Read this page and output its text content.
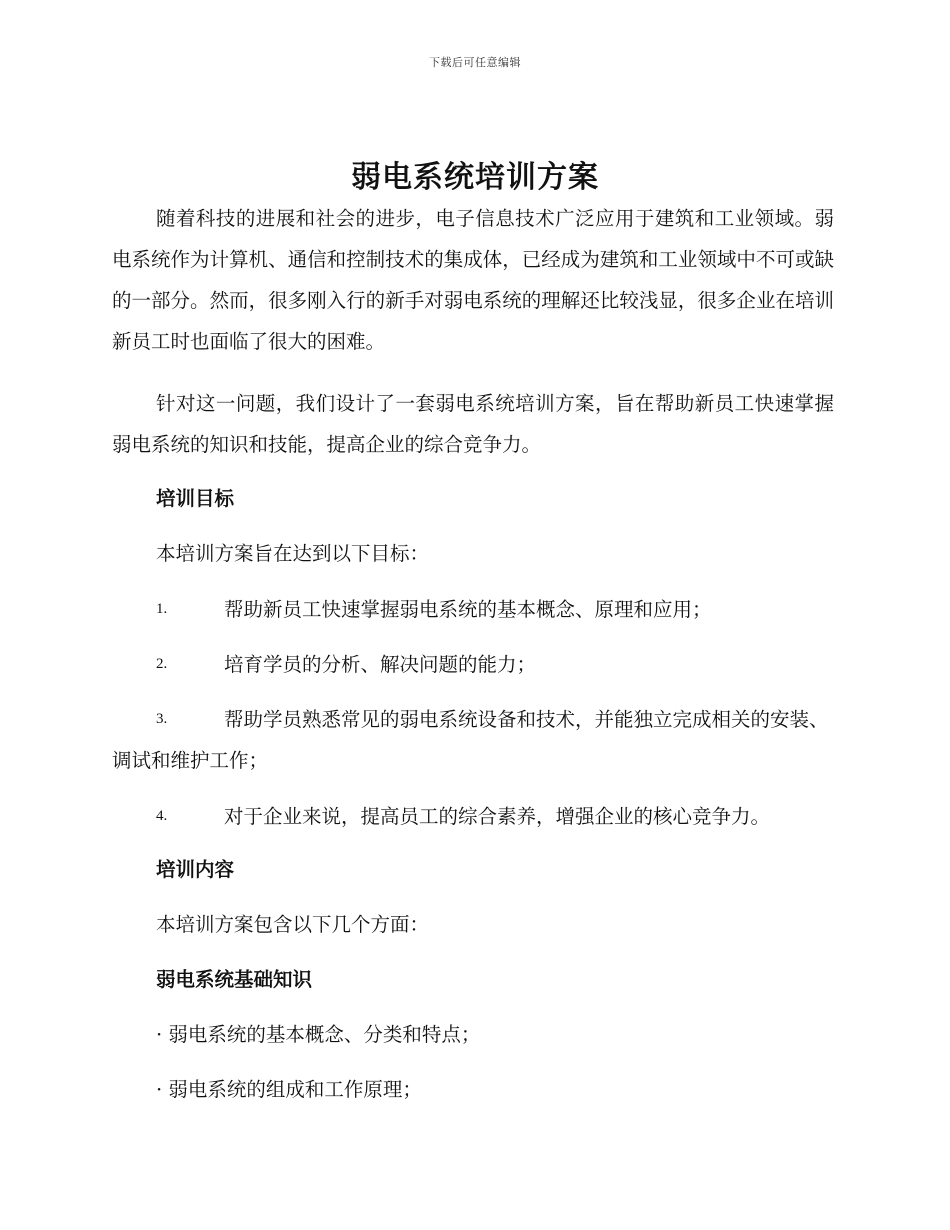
下载后可任意编辑
弱电系统培训方案

随着科技的进展和社会的进步，电子信息技术广泛应用于建筑和工业领域。弱电系统作为计算机、通信和控制技术的集成体，已经成为建筑和工业领域中不可或缺的一部分。然而，很多刚入行的新手对弱电系统的理解还比较浅显，很多企业在培训新员工时也面临了很大的困难。

针对这一问题，我们设计了一套弱电系统培训方案，旨在帮助新员工快速掌握弱电系统的知识和技能，提高企业的综合竞争力。

培训目标

本培训方案旨在达到以下目标：

1.	帮助新员工快速掌握弱电系统的基本概念、原理和应用；
2.	培育学员的分析、解决问题的能力；
3.	帮助学员熟悉常见的弱电系统设备和技术，并能独立完成相关的安装、调试和维护工作；
4.	对于企业来说，提高员工的综合素养，增强企业的核心竞争力。
培训内容

本培训方案包含以下几个方面：

弱电系统基础知识

· 弱电系统的基本概念、分类和特点；

· 弱电系统的组成和工作原理；
